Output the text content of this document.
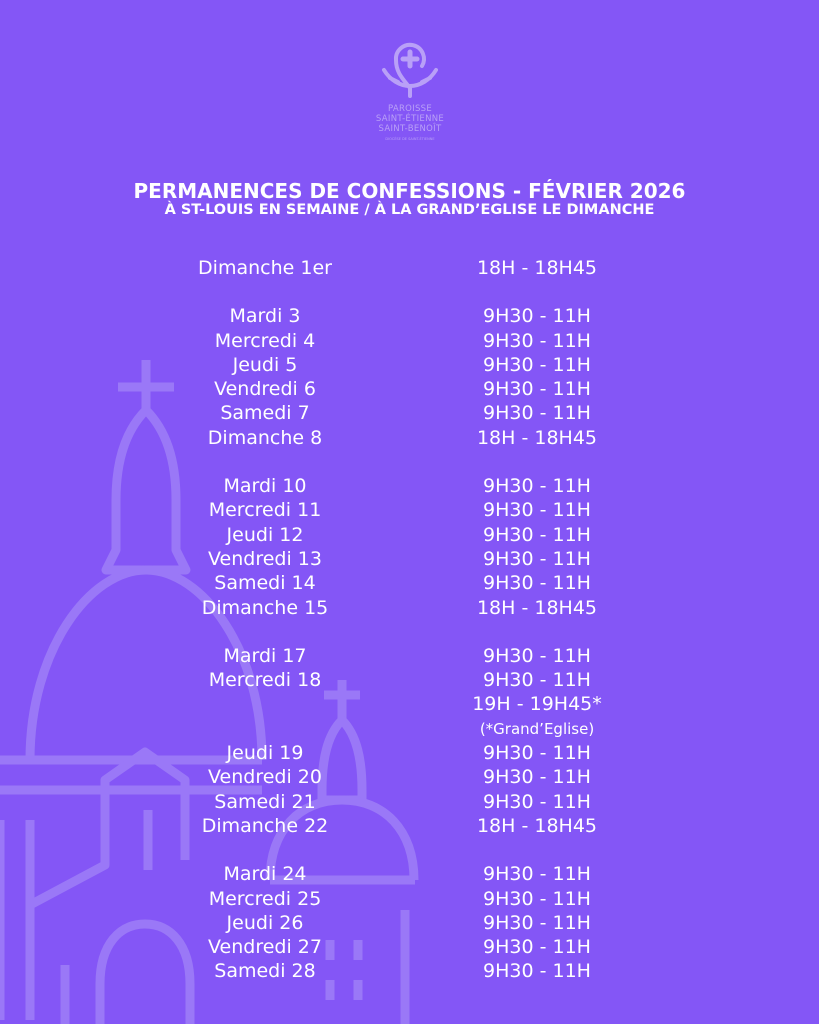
PAROISSE
SAINT-ÉTIENNE
SAINT-BENOÎT
DIOCÈSE DE SAINT-ÉTIENNE
PERMANENCES DE CONFESSIONS - FÉVRIER 2026
À ST-LOUIS EN SEMAINE / À LA GRAND’EGLISE LE DIMANCHE
Dimanche 1er	18H - 18H45
Mardi 3	9H30 - 11H
Mercredi 4	9H30 - 11H
Jeudi 5	9H30 - 11H
Vendredi 6	9H30 - 11H
Samedi 7	9H30 - 11H
Dimanche 8	18H - 18H45
Mardi 10	9H30 - 11H
Mercredi 11	9H30 - 11H
Jeudi 12	9H30 - 11H
Vendredi 13	9H30 - 11H
Samedi 14	9H30 - 11H
Dimanche 15	18H - 18H45
Mardi 17	9H30 - 11H
Mercredi 18	9H30 - 11H
19H - 19H45*
(*Grand’Eglise)
Jeudi 19	9H30 - 11H
Vendredi 20	9H30 - 11H
Samedi 21	9H30 - 11H
Dimanche 22	18H - 18H45
Mardi 24	9H30 - 11H
Mercredi 25	9H30 - 11H
Jeudi 26	9H30 - 11H
Vendredi 27	9H30 - 11H
Samedi 28	9H30 - 11H
